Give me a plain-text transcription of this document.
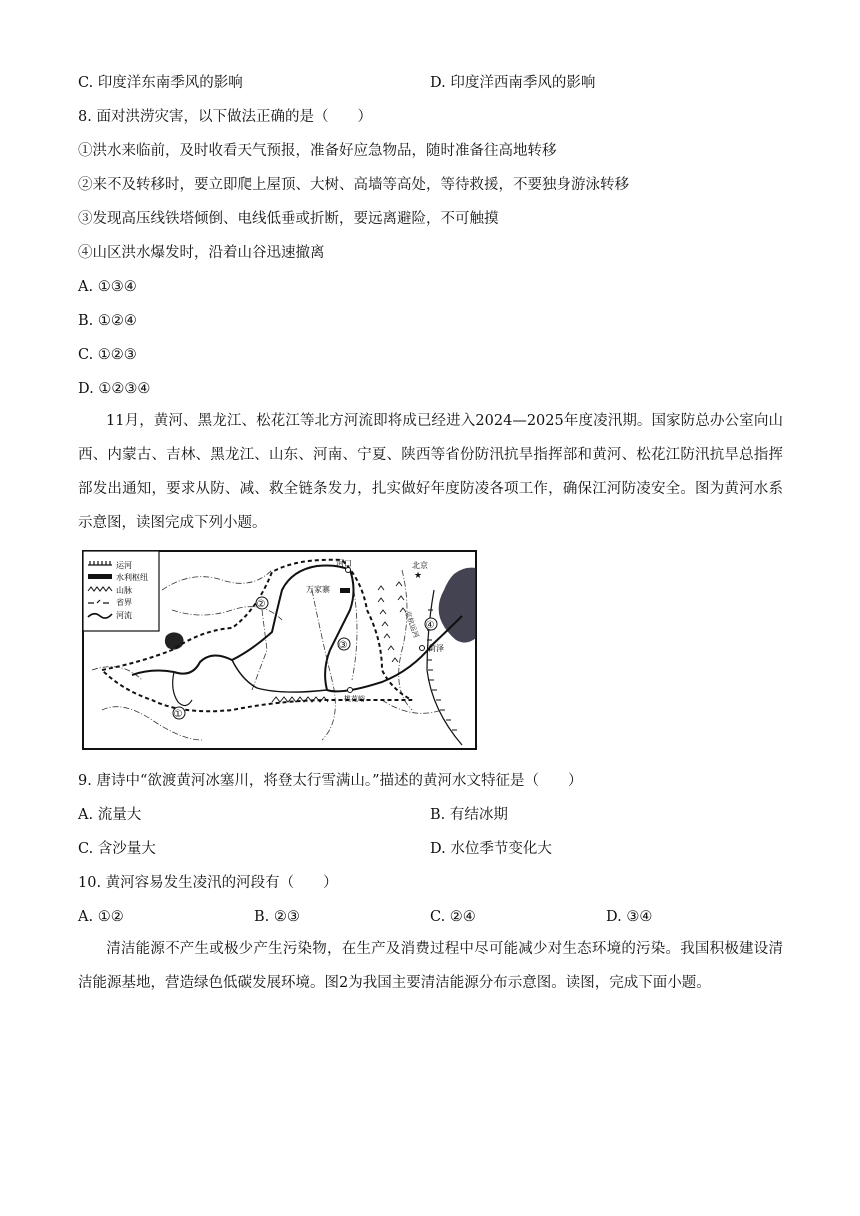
C. 印度洋东南季风的影响	D. 印度洋西南季风的影响
8. 面对洪涝灾害，以下做法正确的是（　　）
①洪水来临前，及时收看天气预报，准备好应急物品，随时准备往高地转移
②来不及转移时，要立即爬上屋顶、大树、高墙等高处，等待救援，不要独身游泳转移
③发现高压线铁塔倾倒、电线低垂或折断，要远离避险，不可触摸
④山区洪水爆发时，沿着山谷迅速撤离
A. ①③④
B. ①②④
C. ①②③
D. ①②③④
11月，黄河、黑龙江、松花江等北方河流即将成已经进入2024—2025年度凌汛期。国家防总办公室向山西、内蒙古、吉林、黑龙江、山东、河南、宁夏、陕西等省份防汛抗旱指挥部和黄河、松花江防汛抗旱总指挥部发出通知，要求从防、减、救全链条发力，扎实做好年度防凌各项工作，确保江河防凌安全。图为黄河水系示意图，读图完成下列小题。
运河
水利枢纽
山脉
省界
河流
★
河口
万家寨
北京
菏泽
桃花峪
京杭运河
①
②
③
④
9. 唐诗中“欲渡黄河冰塞川，将登太行雪满山。”描述的黄河水文特征是（　　）
A. 流量大	B. 有结冰期
C. 含沙量大	D. 水位季节变化大
10. 黄河容易发生凌汛的河段有（　　）
A. ①②	B. ②③	C. ②④	D. ③④
清洁能源不产生或极少产生污染物，在生产及消费过程中尽可能减少对生态环境的污染。我国积极建设清洁能源基地，营造绿色低碳发展环境。图2为我国主要清洁能源分布示意图。读图，完成下面小题。
